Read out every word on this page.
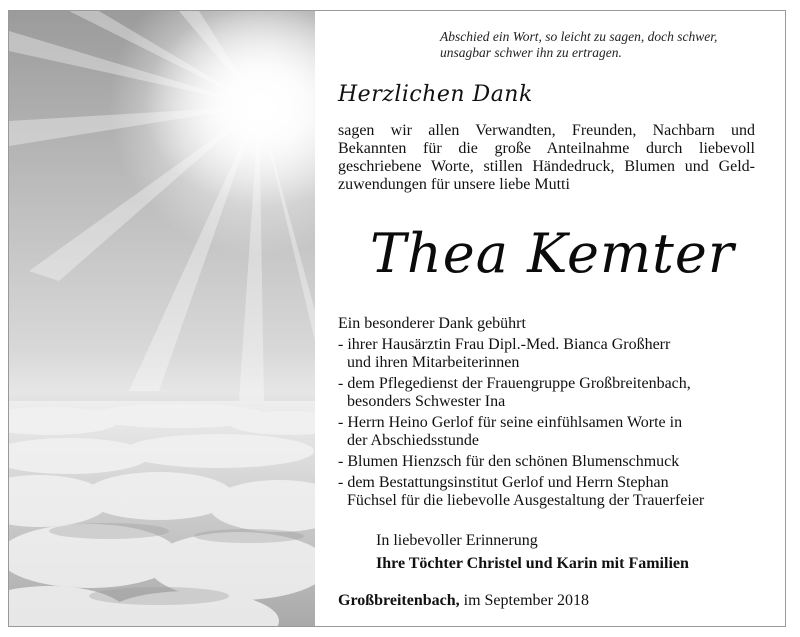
Abschied ein Wort, so leicht zu sagen, doch schwer,
unsagbar schwer ihn zu ertragen.
Herzlichen Dank
sagen wir allen Verwandten, Freunden, Nachbarn und
Bekannten für die große Anteilnahme durch liebevoll
geschriebene Worte, stillen Händedruck, Blumen und Geld-
zuwendungen für unsere liebe Mutti
Thea Kemter
Ein besonderer Dank gebührt
- ihrer Hausärztin Frau Dipl.-Med. Bianca Großherr
und ihren Mitarbeiterinnen
- dem Pflegedienst der Frauengruppe Großbreitenbach,
besonders Schwester Ina
- Herrn Heino Gerlof für seine einfühlsamen Worte in
der Abschiedsstunde
- Blumen Hienzsch für den schönen Blumenschmuck
- dem Bestattungsinstitut Gerlof und Herrn Stephan
Füchsel für die liebevolle Ausgestaltung der Trauerfeier
In liebevoller Erinnerung
Ihre Töchter Christel und Karin mit Familien
Großbreitenbach, im September 2018
